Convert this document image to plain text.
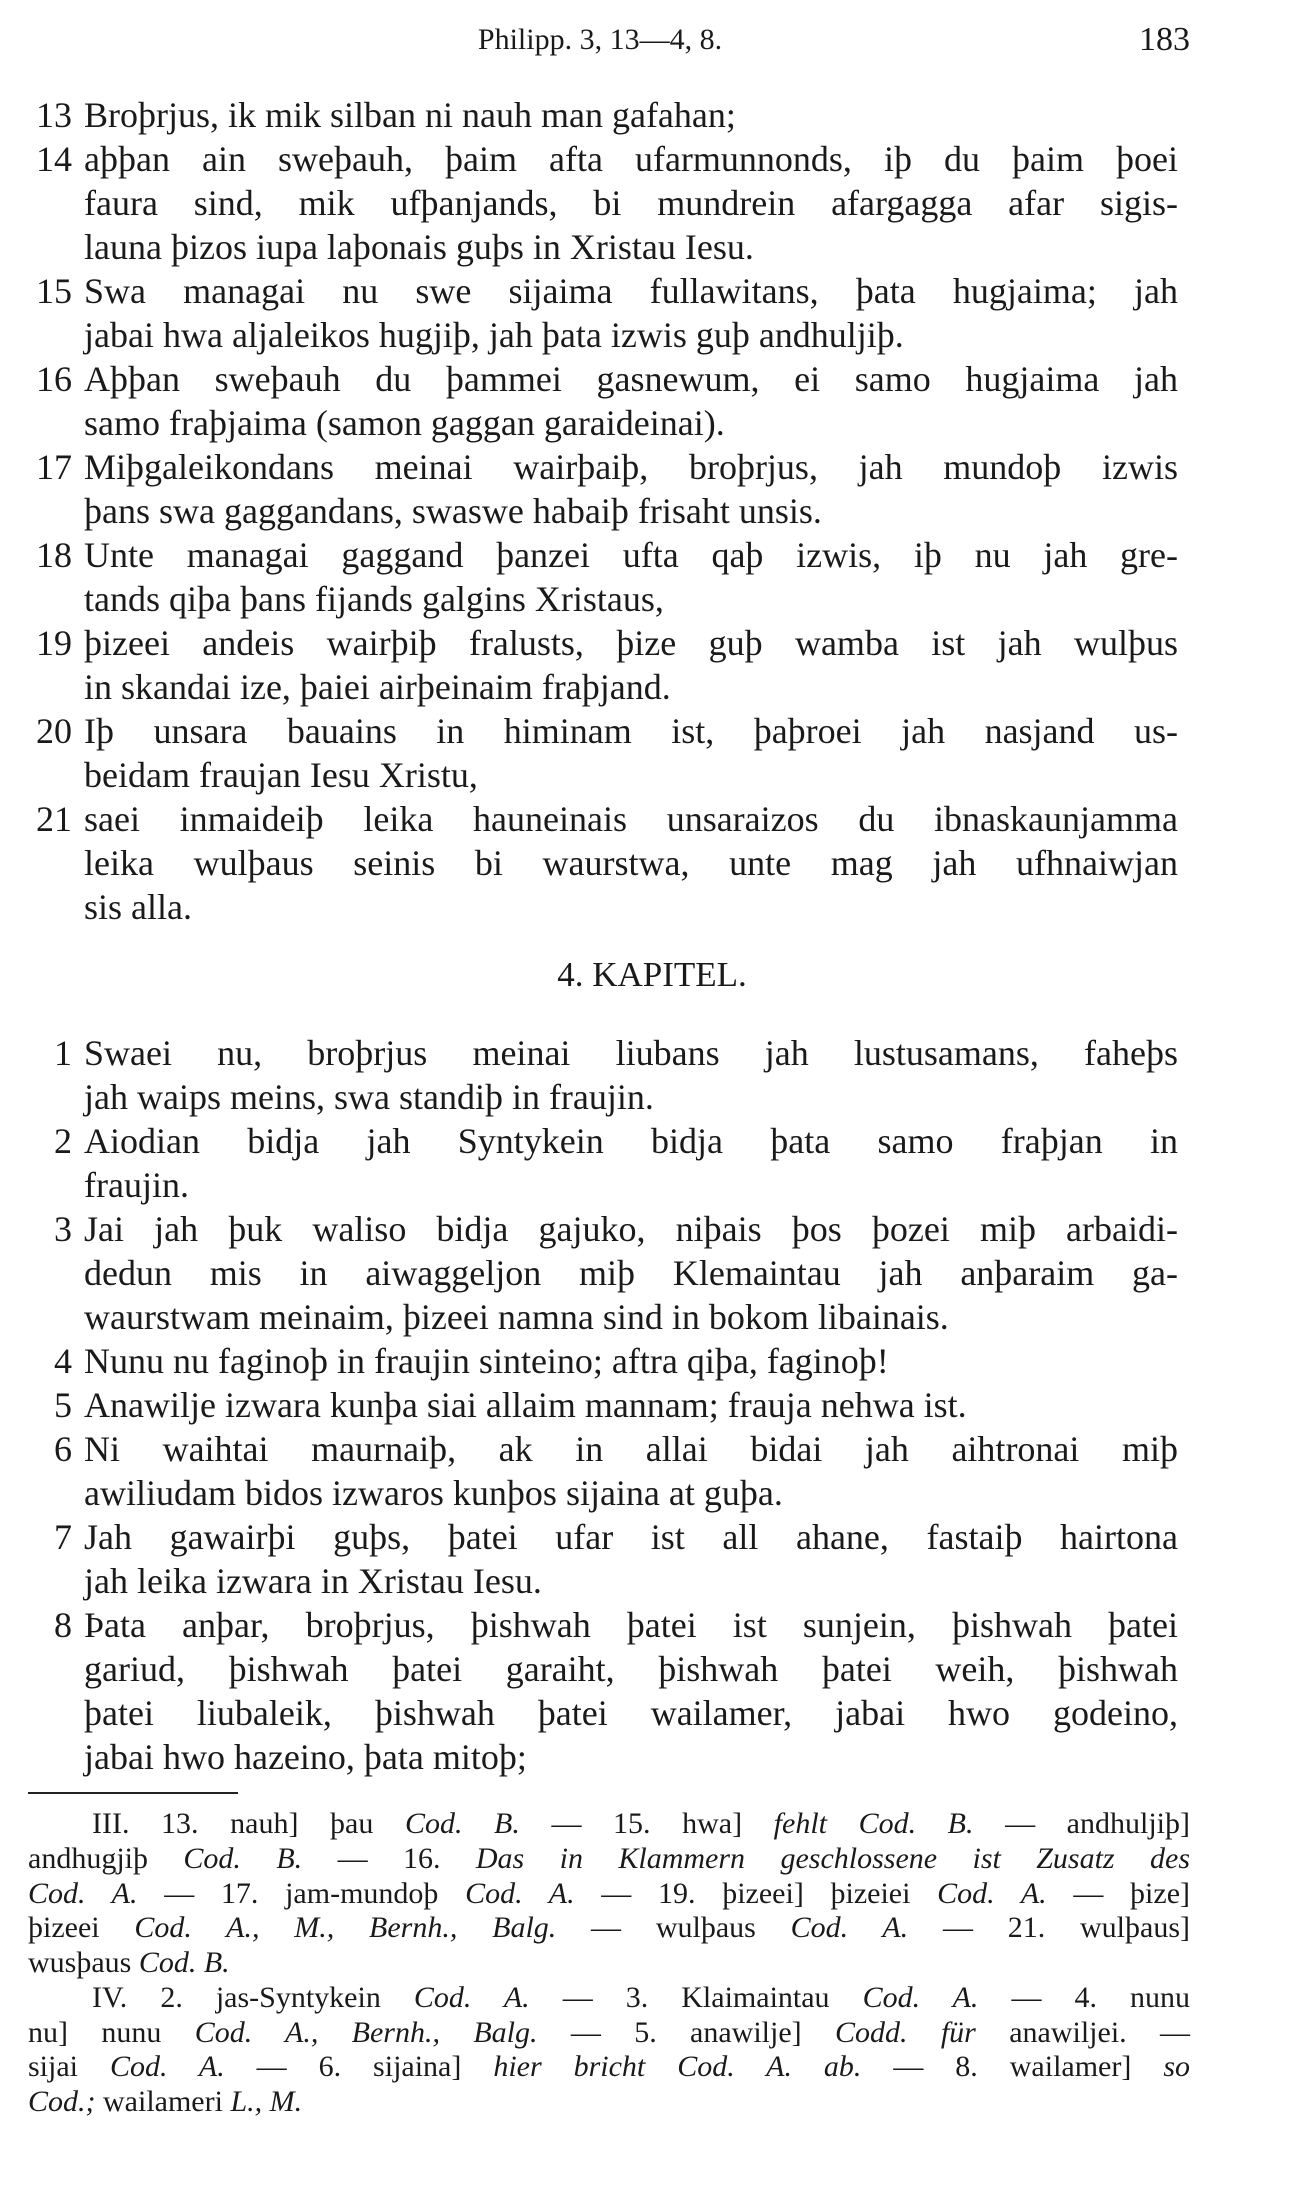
Philipp. 3, 13—4, 8.	183
13 Broþrjus, ik mik silban ni nauh man gafahan;
14 aþþan ain sweþauh, þaim afta ufarmunnonds, iþ du þaim þoei
faura sind, mik ufþanjands, bi mundrein afargagga afar sigis-
launa þizos iupa laþonais guþs in Xristau Iesu.
15 Swa managai nu swe sijaima fullawitans, þata hugjaima; jah
jabai hwa aljaleikos hugjiþ, jah þata izwis guþ andhuljiþ.
16 Aþþan sweþauh du þammei gasnewum, ei samo hugjaima jah
samo fraþjaima (samon gaggan garaideinai).
17 Miþgaleikondans meinai wairþaiþ, broþrjus, jah mundoþ izwis
þans swa gaggandans, swaswe habaiþ frisaht unsis.
18 Unte managai gaggand þanzei ufta qaþ izwis, iþ nu jah gre-
tands qiþa þans fijands galgins Xristaus,
19 þizeei andeis wairþiþ fralusts, þize guþ wamba ist jah wulþus
in skandai ize, þaiei airþeinaim fraþjand.
20 Iþ unsara bauains in himinam ist, þaþroei jah nasjand us-
beidam fraujan Iesu Xristu,
21 saei inmaideiþ leika hauneinais unsaraizos du ibnaskaunjamma
leika wulþaus seinis bi waurstwa, unte mag jah ufhnaiwjan
sis alla.
4. KAPITEL.
1 Swaei nu, broþrjus meinai liubans jah lustusamans, faheþs
jah waips meins, swa standiþ in fraujin.
2 Aiodian bidja jah Syntykein bidja þata samo fraþjan in
fraujin.
3 Jai jah þuk waliso bidja gajuko, niþais þos þozei miþ arbaidi-
dedun mis in aiwaggeljon miþ Klemaintau jah anþaraim ga-
waurstwam meinaim, þizeei namna sind in bokom libainais.
4 Nunu nu faginoþ in fraujin sinteino; aftra qiþa, faginoþ!
5 Anawilje izwara kunþa siai allaim mannam; frauja nehwa ist.
6 Ni waihtai maurnaiþ, ak in allai bidai jah aihtronai miþ
awiliudam bidos izwaros kunþos sijaina at guþa.
7 Jah gawairþi guþs, þatei ufar ist all ahane, fastaiþ hairtona
jah leika izwara in Xristau Iesu.
8 Þata anþar, broþrjus, þishwah þatei ist sunjein, þishwah þatei
gariud, þishwah þatei garaiht, þishwah þatei weih, þishwah
þatei liubaleik, þishwah þatei wailamer, jabai hwo godeino,
jabai hwo hazeino, þata mitoþ;
III. 13. nauh] þau Cod. B. — 15. hwa] fehlt Cod. B. — andhuljiþ]
andhugjiþ Cod. B. — 16. Das in Klammern geschlossene ist Zusatz des
Cod. A. — 17. jam-mundoþ Cod. A. — 19. þizeei] þizeiei Cod. A. — þize]
þizeei Cod. A., M., Bernh., Balg. — wulþaus Cod. A. — 21. wulþaus]
wusþaus Cod. B.
IV. 2. jas-Syntykein Cod. A. — 3. Klaimaintau Cod. A. — 4. nunu
nu] nunu Cod. A., Bernh., Balg. — 5. anawilje] Codd. für anawiljei. —
sijai Cod. A. — 6. sijaina] hier bricht Cod. A. ab. — 8. wailamer] so
Cod.; wailameri L., M.
